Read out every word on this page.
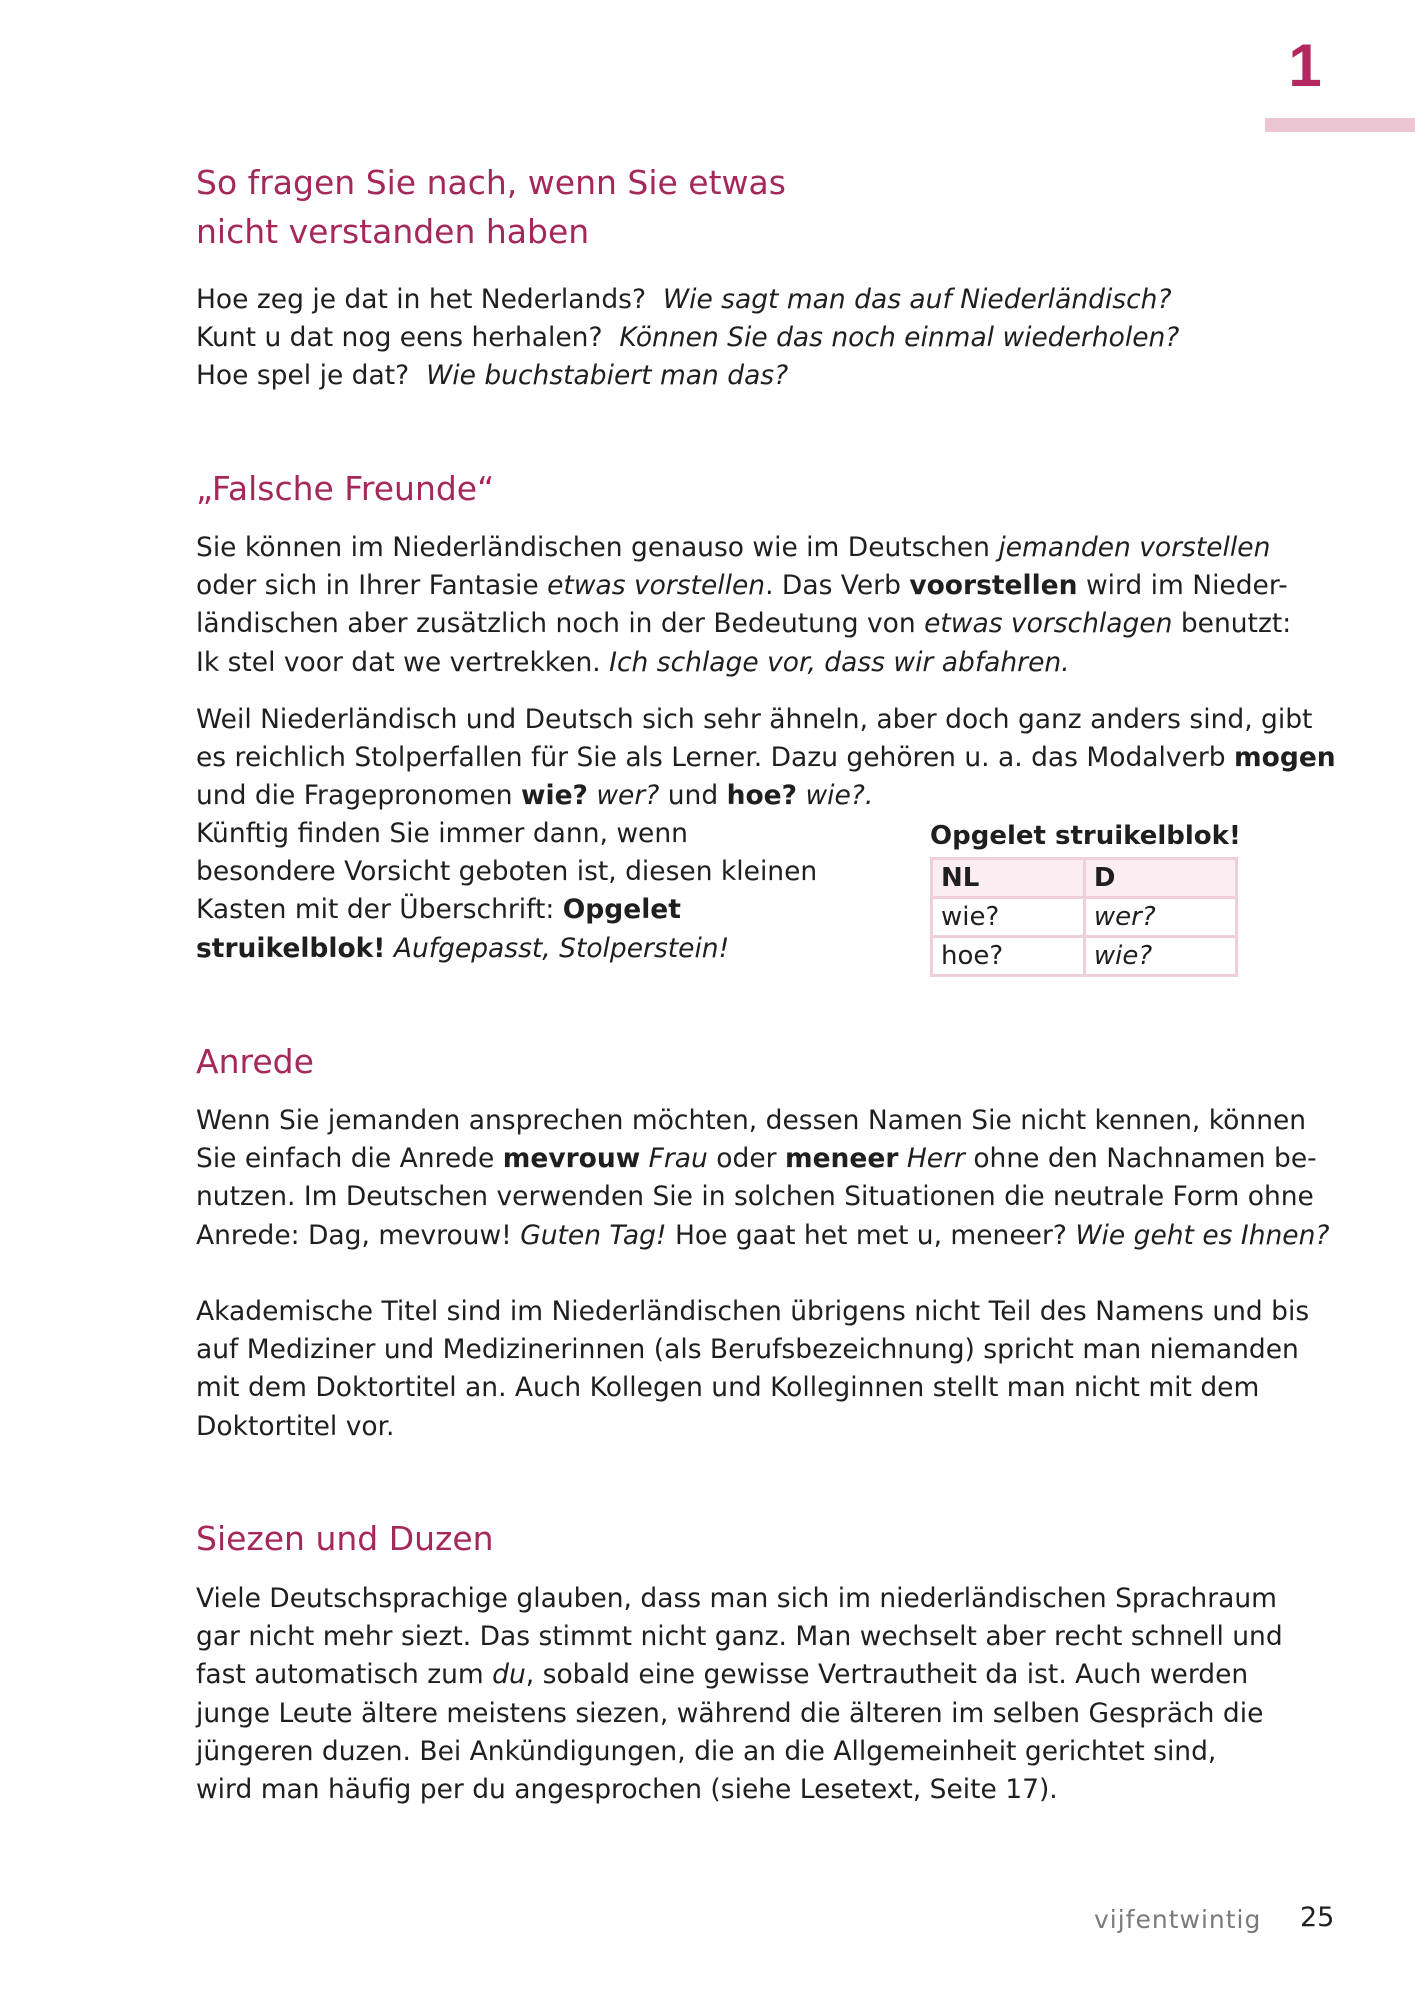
1
So fragen Sie nach, wenn Sie etwas
nicht verstanden haben
Hoe zeg je dat in het Nederlands? Wie sagt man das auf Niederländisch?
Kunt u dat nog eens herhalen? Können Sie das noch einmal wiederholen?
Hoe spel je dat? Wie buchstabiert man das?
„Falsche Freunde“
Sie können im Niederländischen genauso wie im Deutschen jemanden vorstellen
oder sich in Ihrer Fantasie etwas vorstellen. Das Verb voorstellen wird im Nieder-
ländischen aber zusätzlich noch in der Bedeutung von etwas vorschlagen benutzt:
Ik stel voor dat we vertrekken. Ich schlage vor, dass wir abfahren.
Weil Niederländisch und Deutsch sich sehr ähneln, aber doch ganz anders sind, gibt
es reichlich Stolperfallen für Sie als Lerner. Dazu gehören u. a. das Modalverb mogen
und die Fragepronomen wie? wer? und hoe? wie?.

Künftig finden Sie immer dann, wenn besondere Vorsicht geboten ist, diesen kleinen Kasten mit der Überschrift: Opgelet struikelblok! Aufgepasst, Stolperstein!

Anrede
Wenn Sie jemanden ansprechen möchten, dessen Namen Sie nicht kennen, können
Sie einfach die Anrede mevrouw Frau oder meneer Herr ohne den Nachnamen be-
nutzen. Im Deutschen verwenden Sie in solchen Situationen die neutrale Form ohne
Anrede: Dag, mevrouw! Guten Tag! Hoe gaat het met u, meneer? Wie geht es Ihnen?
Akademische Titel sind im Niederländischen übrigens nicht Teil des Namens und bis
auf Mediziner und Medizinerinnen (als Berufsbezeichnung) spricht man niemanden
mit dem Doktortitel an. Auch Kollegen und Kolleginnen stellt man nicht mit dem
Doktortitel vor.
Siezen und Duzen
Viele Deutschsprachige glauben, dass man sich im niederländischen Sprachraum
gar nicht mehr siezt. Das stimmt nicht ganz. Man wechselt aber recht schnell und
fast automatisch zum du, sobald eine gewisse Vertrautheit da ist. Auch werden
junge Leute ältere meistens siezen, während die älteren im selben Gespräch die
jüngeren duzen. Bei Ankündigungen, die an die Allgemeinheit gerichtet sind,
wird man häufig per du angesprochen (siehe Lesetext, Seite 17).
Opgelet struikelblok!
NL	D
wie?	wer?
hoe?	wie?
vijfentwintig 25
